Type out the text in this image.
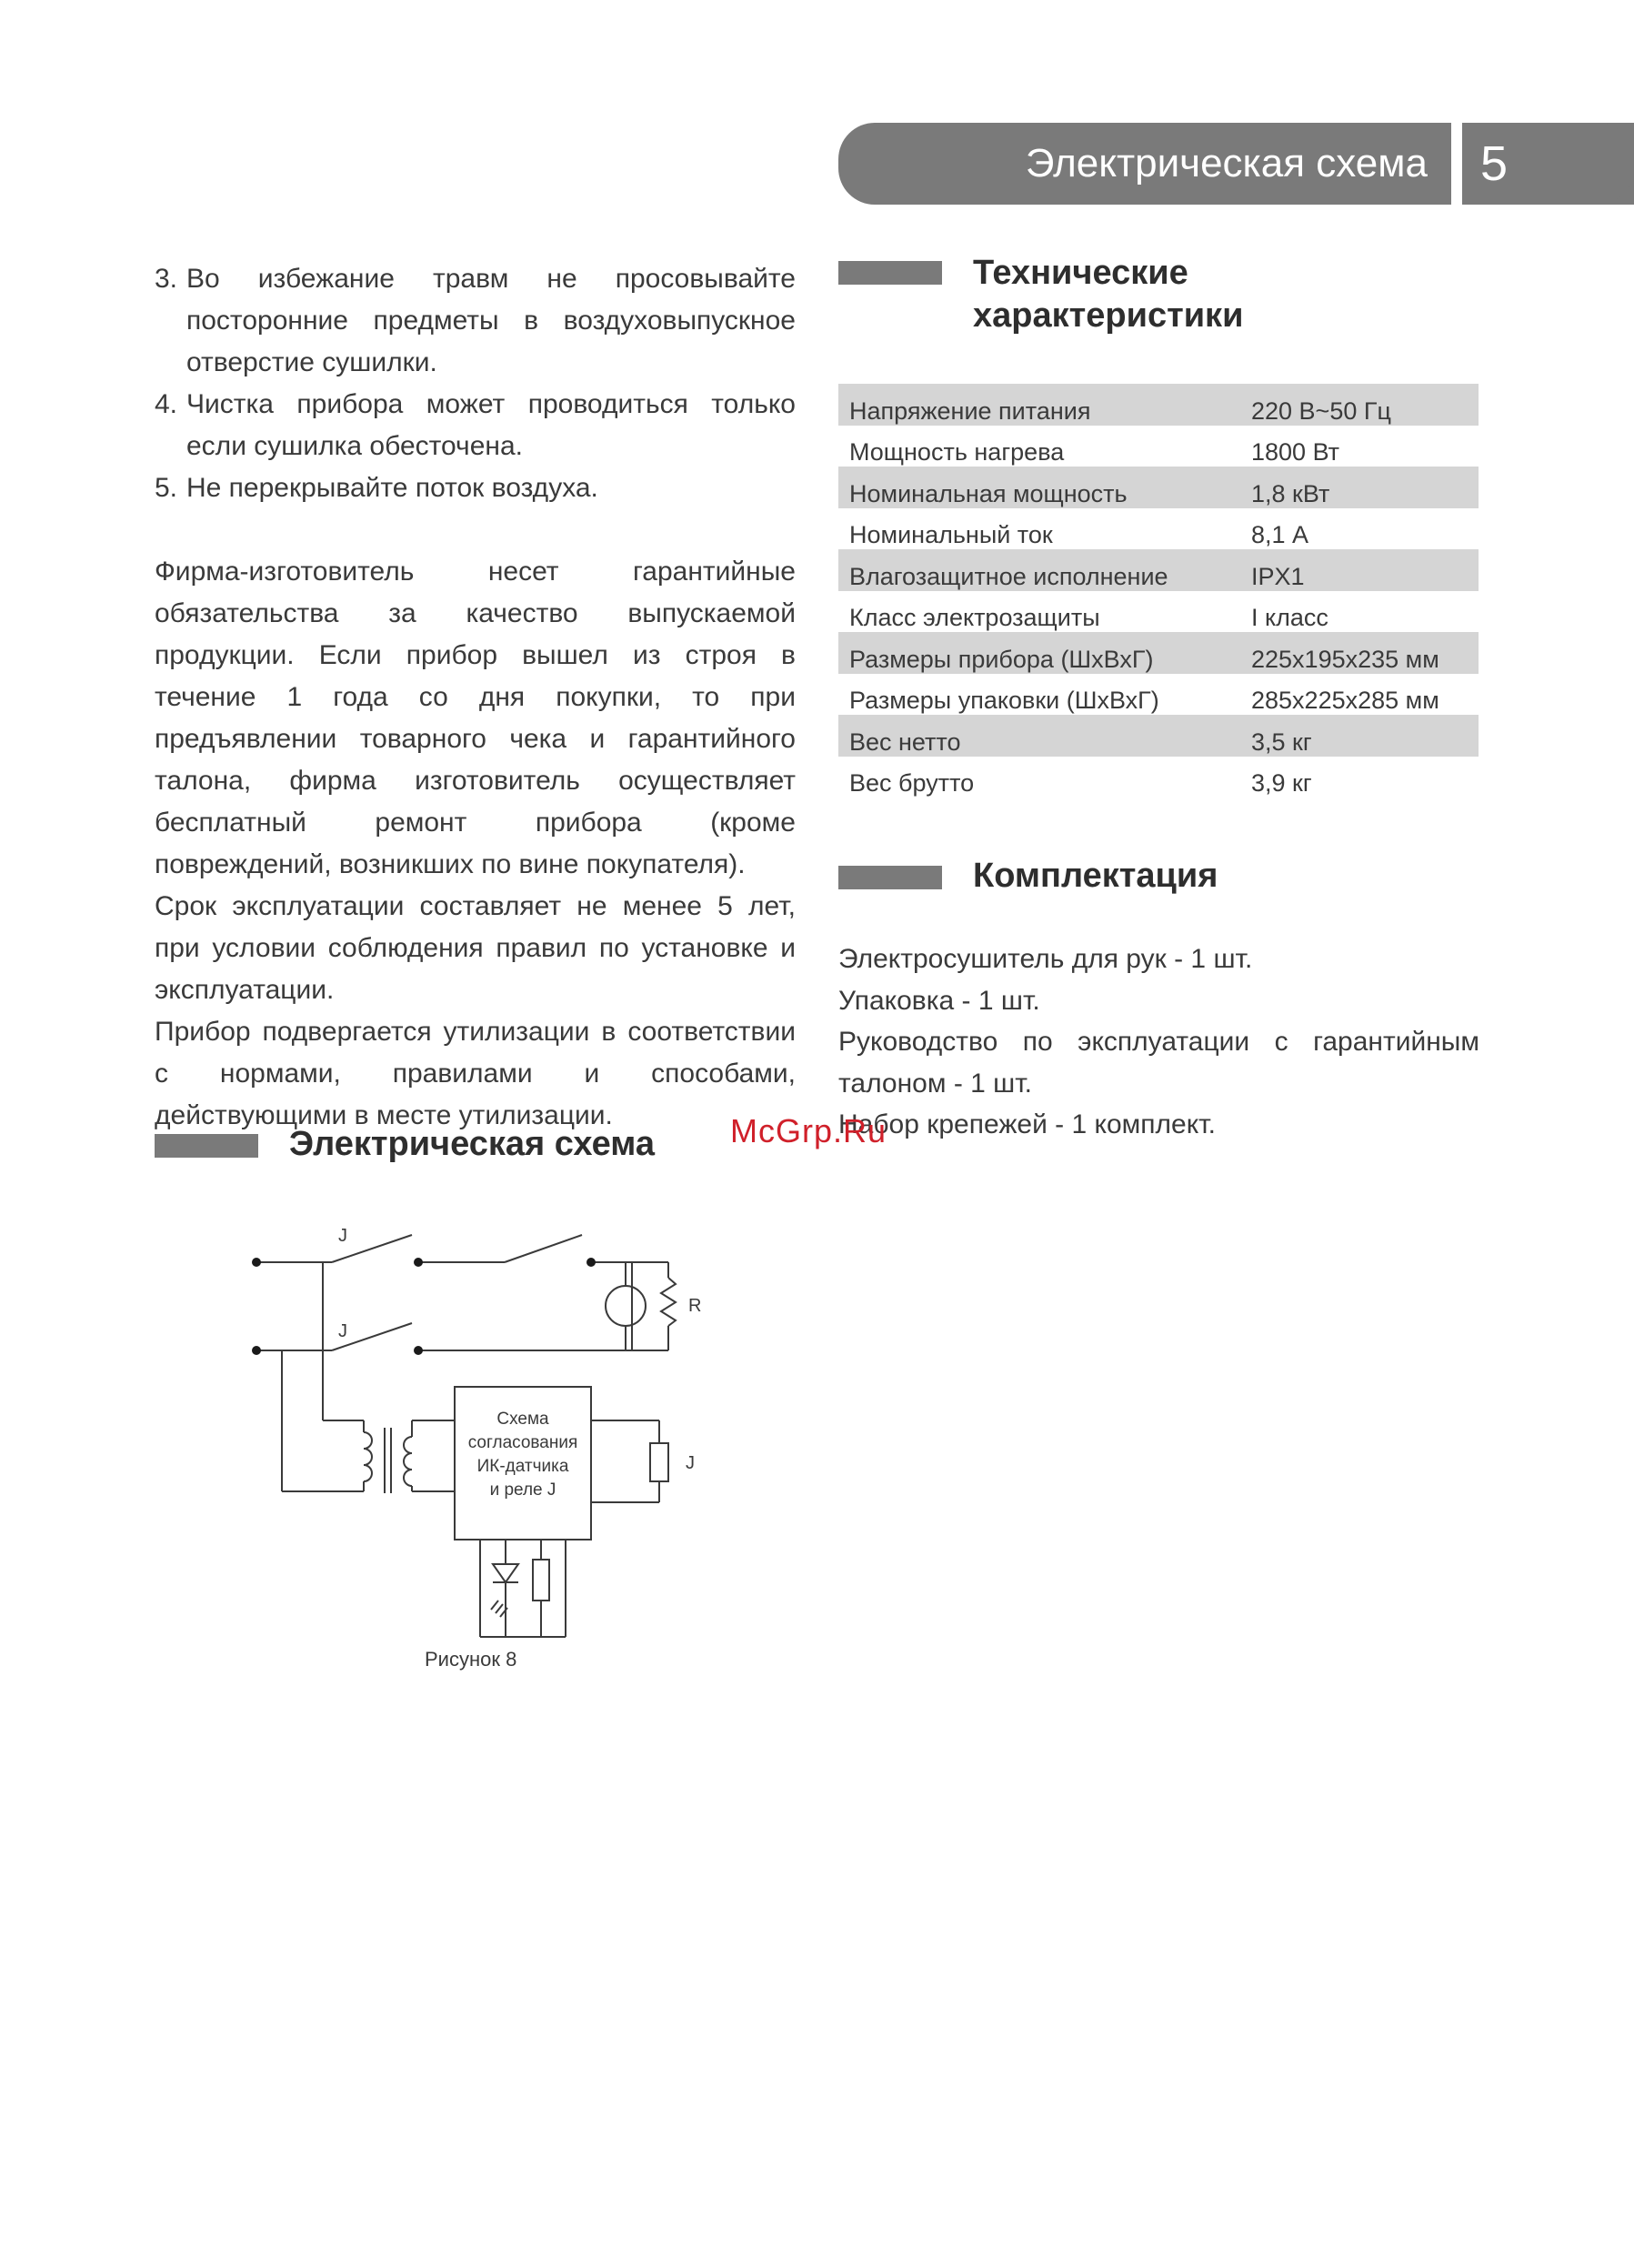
Электрическая схема 5
3. Во избежание травм не просовывайте посторонние предметы в воздуховыпускное отверстие сушилки.
4. Чистка прибора может проводиться только если сушилка обесточена.
5. Не перекрывайте поток воздуха.

Фирма-изготовитель несет гарантийные обязательства за качество выпускаемой продукции. Если прибор вышел из строя в течение 1 года со дня покупки, то при предъявлении товарного чека и гарантийного талона, фирма изготовитель осуществляет бесплатный ремонт прибора (кроме повреждений, возникших по вине покупателя).

Срок эксплуатации составляет не менее 5 лет, при условии соблюдения правил по установке и эксплуатации.

Прибор подвергается утилизации в соответствии с нормами, правилами и способами, действующими в месте утилизации.

Технические
характеристики
Напряжение питания	220 В~50 Гц
Мощность нагрева	1800 Вт
Номинальная мощность	1,8 кВт
Номинальный ток	8,1 А
Влагозащитное исполнение	IPX1
Класс электрозащиты	I класс
Размеры прибора (ШхВхГ)	225х195х235 мм
Размеры упаковки (ШхВхГ)	285х225х285 мм
Вес нетто	3,5 кг
Вес брутто	3,9 кг
Комплектация

Электросушитель для рук - 1 шт.

Упаковка - 1 шт.

Руководство по эксплуатации с гарантийным талоном - 1 шт.

Набор крепежей - 1 комплект.

McGrp.Ru
Электрическая схема
J
J
R
J
Схема
согласования
ИК-датчика
и реле J
Рисунок 8
